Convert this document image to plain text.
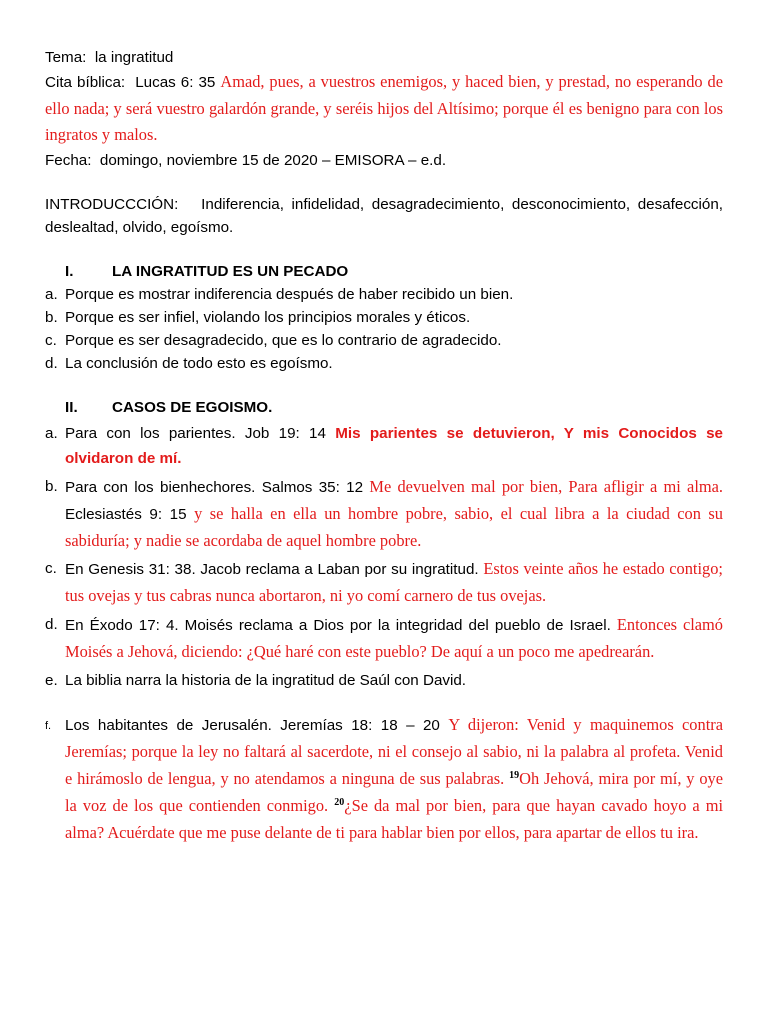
Tema: la ingratitud

Cita bíblica: Lucas 6: 35 Amad, pues, a vuestros enemigos, y haced bien, y prestad, no esperando de ello nada; y será vuestro galardón grande, y seréis hijos del Altísimo; porque él es benigno para con los ingratos y malos.

Fecha: domingo, noviembre 15 de 2020 – EMISORA – e.d.

INTRODUCCCIÓN: Indiferencia, infidelidad, desagradecimiento, desconocimiento, desafección, deslealtad, olvido, egoísmo.

I.	LA INGRATITUD ES UN PECADO
a. Porque es mostrar indiferencia después de haber recibido un bien.
b. Porque es ser infiel, violando los principios morales y éticos.
c. Porque es ser desagradecido, que es lo contrario de agradecido.
d. La conclusión de todo esto es egoísmo.
II.	CASOS DE EGOISMO.
a. Para con los parientes. Job 19: 14 Mis parientes se detuvieron, Y mis Conocidos se olvidaron de mí.
b. Para con los bienhechores. Salmos 35: 12 Me devuelven mal por bien, Para afligir a mi alma. Eclesiastés 9: 15 y se halla en ella un hombre pobre, sabio, el cual libra a la ciudad con su sabiduría; y nadie se acordaba de aquel hombre pobre.
c. En Genesis 31: 38. Jacob reclama a Laban por su ingratitud. Estos veinte años he estado contigo; tus ovejas y tus cabras nunca abortaron, ni yo comí carnero de tus ovejas.
d. En Éxodo 17: 4. Moisés reclama a Dios por la integridad del pueblo de Israel. Entonces clamó Moisés a Jehová, diciendo: ¿Qué haré con este pueblo? De aquí a un poco me apedrearán.
e. La biblia narra la historia de la ingratitud de Saúl con David.
f. Los habitantes de Jerusalén. Jeremías 18: 18 – 20 Y dijeron: Venid y maquinemos contra Jeremías; porque la ley no faltará al sacerdote, ni el consejo al sabio, ni la palabra al profeta. Venid e hirámoslo de lengua, y no atendamos a ninguna de sus palabras. $^{19}$Oh Jehová, mira por mí, y oye la voz de los que contienden conmigo. $^{20}$¿Se da mal por bien, para que hayan cavado hoyo a mi alma? Acuérdate que me puse delante de ti para hablar bien por ellos, para apartar de ellos tu ira.
